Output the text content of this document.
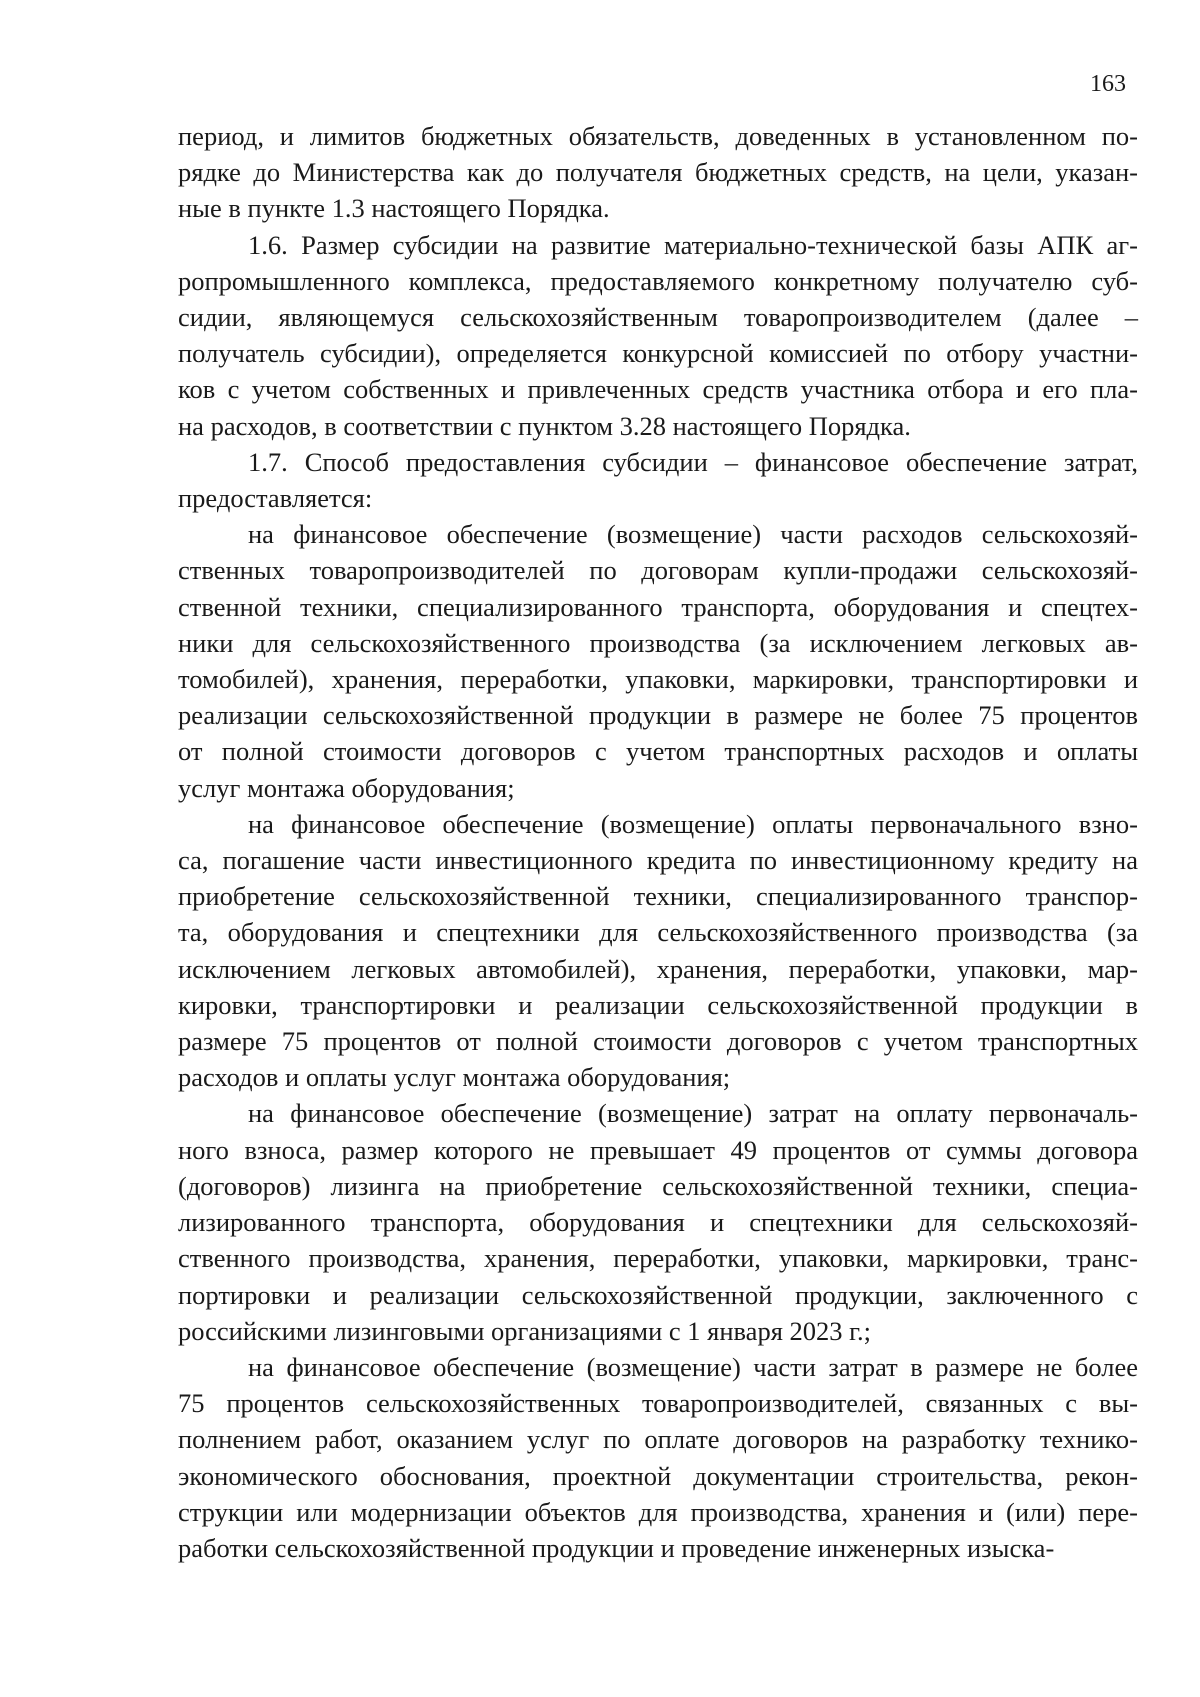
163
период, и лимитов бюджетных обязательств, доведенных в установленном по-
рядке до Министерства как до получателя бюджетных средств, на цели, указан-
ные в пункте 1.3 настоящего Порядка.
1.6. Размер субсидии на развитие материально-технической базы АПК аг-
ропромышленного комплекса, предоставляемого конкретному получателю суб-
сидии, являющемуся сельскохозяйственным товаропроизводителем (далее –
получатель субсидии), определяется конкурсной комиссией по отбору участни-
ков с учетом собственных и привлеченных средств участника отбора и его пла-
на расходов, в соответствии с пунктом 3.28 настоящего Порядка.
1.7. Способ предоставления субсидии – финансовое обеспечение затрат,
предоставляется:
на финансовое обеспечение (возмещение) части расходов сельскохозяй-
ственных товаропроизводителей по договорам купли-продажи сельскохозяй-
ственной техники, специализированного транспорта, оборудования и спецтех-
ники для сельскохозяйственного производства (за исключением легковых ав-
томобилей), хранения, переработки, упаковки, маркировки, транспортировки и
реализации сельскохозяйственной продукции в размере не более 75 процентов
от полной стоимости договоров с учетом транспортных расходов и оплаты
услуг монтажа оборудования;
на финансовое обеспечение (возмещение) оплаты первоначального взно-
са, погашение части инвестиционного кредита по инвестиционному кредиту на
приобретение сельскохозяйственной техники, специализированного транспор-
та, оборудования и спецтехники для сельскохозяйственного производства (за
исключением легковых автомобилей), хранения, переработки, упаковки, мар-
кировки, транспортировки и реализации сельскохозяйственной продукции в
размере 75 процентов от полной стоимости договоров с учетом транспортных
расходов и оплаты услуг монтажа оборудования;
на финансовое обеспечение (возмещение) затрат на оплату первоначаль-
ного взноса, размер которого не превышает 49 процентов от суммы договора
(договоров) лизинга на приобретение сельскохозяйственной техники, специа-
лизированного транспорта, оборудования и спецтехники для сельскохозяй-
ственного производства, хранения, переработки, упаковки, маркировки, транс-
портировки и реализации сельскохозяйственной продукции, заключенного с
российскими лизинговыми организациями с 1 января 2023 г.;
на финансовое обеспечение (возмещение) части затрат в размере не более
75 процентов сельскохозяйственных товаропроизводителей, связанных с вы-
полнением работ, оказанием услуг по оплате договоров на разработку технико-
экономического обоснования, проектной документации строительства, рекон-
струкции или модернизации объектов для производства, хранения и (или) пере-
работки сельскохозяйственной продукции и проведение инженерных изыска-
